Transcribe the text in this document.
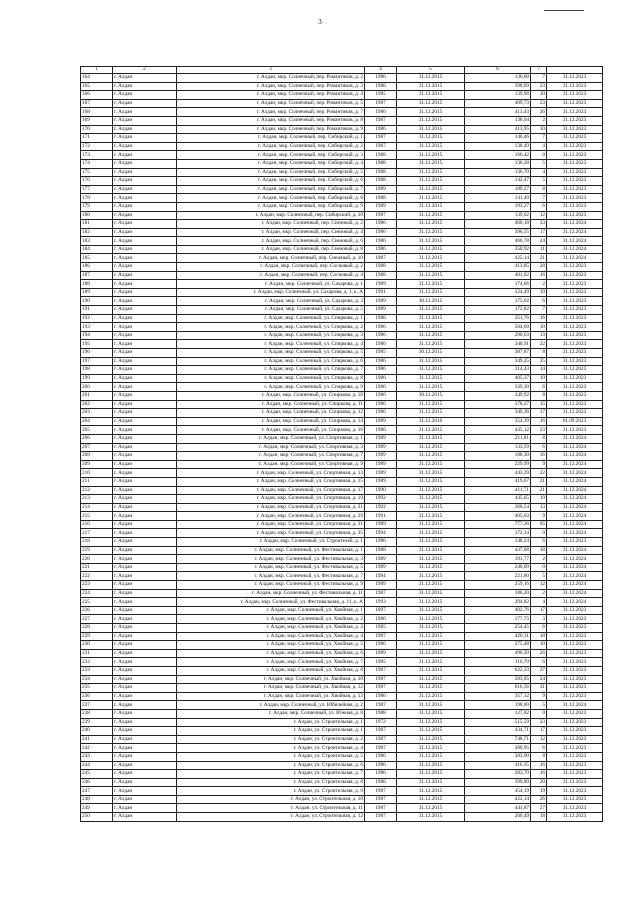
3
1	2	3	4	5	6	7	
164	г. Алдан	г. Алдан, мкр. Солнечный, пер. Романтиков, д. 2	1986	31.12.2015	136,60	7	31.12.2023
165	г. Алдан	г. Алдан, мкр. Солнечный, пер. Романтиков, д. 3	1986	31.12.2015	398,69	23	31.12.2023
166	г. Алдан	г. Алдан, мкр. Солнечный, пер. Романтиков, д. 4	1985	31.12.2015	139,98	10	31.12.2023
167	г. Алдан	г. Алдан, мкр. Солнечный, пер. Романтиков, д. 5	1987	31.12.2015	409,73	23	31.12.2023
168	г. Алдан	г. Алдан, мкр. Солнечный, пер. Романтиков, д. 7	1986	31.12.2015	413,43	26	31.12.2023
169	г. Алдан	г. Алдан, мкр. Солнечный, пер. Романтиков, д. 8	1987	31.12.2015	138,04	2	31.12.2023
170	г. Алдан	г. Алдан, мкр. Солнечный, пер. Романтиков, д. 9	1986	31.12.2015	413,95	10	31.12.2023
171	г. Алдан	г. Алдан, мкр. Солнечный, пер. Сибирский, д. 1	1987	31.12.2015	146,46	7	31.12.2023
172	г. Алдан	г. Алдан, мкр. Солнечный, пер. Сибирский, д. 2	1987	31.12.2015	138,49	4	31.12.2023
173	г. Алдан	г. Алдан, мкр. Солнечный, пер. Сибирский, д. 3	1988	31.12.2015	166,42	0	31.12.2023
174	г. Алдан	г. Алдан, мкр. Солнечный, пер. Сибирский, д. 4	1988	31.12.2015	136,28	5	31.12.2023
175	г. Алдан	г. Алдан, мкр. Солнечный, пер. Сибирский, д. 5	1988	31.12.2015	136,70	4	31.12.2023
176	г. Алдан	г. Алдан, мкр. Солнечный, пер. Сибирский, д. 6	1988	31.12.2015	142,47	5	31.12.2023
177	г. Алдан	г. Алдан, мкр. Солнечный, пер. Сибирский, д. 7	1989	31.12.2015	189,27	8	31.12.2023
178	г. Алдан	г. Алдан, мкр. Солнечный, пер. Сибирский, д. 8	1988	31.12.2015	141,49	7	31.12.2023
179	г. Алдан	г. Алдан, мкр. Солнечный, пер. Сибирский, д. 9	1989	31.12.2015	193,27	6	31.12.2023
180	г. Алдан	г. Алдан, мкр. Солнечный, пер. Сибирский, д. 10	1987	31.12.2015	139,02	12	31.12.2023
181	г. Алдан	г. Алдан, мкр. Солнечный, пер. Снежный, д. 2	1986	31.12.2015	460,18	33	31.12.2024
182	г. Алдан	г. Алдан, мкр. Солнечный, пер. Снежный, д. 4	1986	31.12.2015	396,55	17	31.12.2024
183	г. Алдан	г. Алдан, мкр. Солнечный, пер. Снежный, д. 6	1986	31.12.2015	466,78	24	31.12.2024
184	г. Алдан	г. Алдан, мкр. Солнечный, пер. Снежный, д. 8	1986	31.12.2015	350,92	11	31.12.2024
185	г. Алдан	г. Алдан, мкр. Солнечный, пер. Снежный, д. 10	1987	31.12.2015	425,14	21	31.12.2024
186	г. Алдан	г. Алдан, мкр. Солнечный, пер. Сосновый, д. 2	1988	31.12.2015	413,85	28	31.12.2023
187	г. Алдан	г. Алдан, мкр. Солнечный, пер. Сосновый, д. 4	1988	31.12.2015	401,02	16	31.12.2023
188	г. Алдан	г. Алдан, мкр. Солнечный, ул. Сахарова, д. 1	1989	31.12.2015	174,66	2	31.12.2023
189	г. Алдан	г. Алдан, мкр. Солнечный, ул. Сахарова, д. 1, к. А	1991	31.12.2015	324,49	19	31.12.2023
190	г. Алдан	г. Алдан, мкр. Солнечный, ул. Сахарова, д. 3	1989	30.12.2015	175,62	6	31.12.2023
191	г. Алдан	г. Алдан, мкр. Солнечный, ул. Сахарова, д. 5	1989	31.12.2015	172,82	7	31.12.2023
192	г. Алдан	г. Алдан, мкр. Солнечный, ул. Спиркова, д. 1	1986	31.12.2015	351,76	16	31.12.2023
193	г. Алдан	г. Алдан, мкр. Солнечный, ул. Спиркова, д. 2	1986	31.12.2015	504,60	10	31.12.2023
194	г. Алдан	г. Алдан, мкр. Солнечный, ул. Спиркова, д. 3	1986	31.12.2015	290,63	13	31.12.2023
195	г. Алдан	г. Алдан, мкр. Солнечный, ул. Спиркова, д. 4	1986	31.12.2015	340,91	22	31.12.2023
196	г. Алдан	г. Алдан, мкр. Солнечный, ул. Спиркова, д. 5	1985	30.12.2015	387,87	8	31.12.2023
197	г. Алдан	г. Алдан, мкр. Солнечный, ул. Спиркова, д. 6	1986	31.12.2015	349,25	25	31.12.2023
198	г. Алдан	г. Алдан, мкр. Солнечный, ул. Спиркова, д. 7	1986	31.12.2015	314,43	14	31.12.2023
199	г. Алдан	г. Алдан, мкр. Солнечный, ул. Спиркова, д. 8	1986	31.12.2015	405,37	19	31.12.2023
200	г. Алдан	г. Алдан, мкр. Солнечный, ул. Спиркова, д. 9	1986	31.12.2015	339,30	6	31.12.2023
201	г. Алдан	г. Алдан, мкр. Солнечный, ул. Спиркова, д. 10	1986	30.12.2015	349,92	8	31.12.2023
202	г. Алдан	г. Алдан, мкр. Солнечный, ул. Спиркова, д. 11	1986	31.12.2015	378,27	15	31.12.2023
203	г. Алдан	г. Алдан, мкр. Солнечный, ул. Спиркова, д. 12	1986	31.12.2015	349,36	17	31.12.2023
204	г. Алдан	г. Алдан, мкр. Солнечный, ул. Спиркова, д. 14	1989	31.12.2016	354,39	16	01.09.2023
205	г. Алдан	г. Алдан, мкр. Солнечный, ул. Спиркова, д. 16	1986	31.12.2015	435,12	23	31.12.2023
206	г. Алдан	г. Алдан, мкр. Солнечный, ул. Спортивная, д. 1	1989	31.12.2015	211,81	8	31.12.2024
207	г. Алдан	г. Алдан, мкр. Солнечный, ул. Спортивная, д. 3	1989	31.12.2015	133,59	6	31.12.2024
208	г. Алдан	г. Алдан, мкр. Солнечный, ул. Спортивная, д. 7	1989	31.12.2015	188,30	16	31.12.2024
209	г. Алдан	г. Алдан, мкр. Солнечный, ул. Спортивная, д. 9	1989	31.12.2015	229,99	9	31.12.2024
210	г. Алдан	г. Алдан, мкр. Солнечный, ул. Спортивная, д. 13	1989	31.12.2015	443,39	22	31.12.2024
211	г. Алдан	г. Алдан, мкр. Солнечный, ул. Спортивная, д. 15	1989	31.12.2015	419,67	21	31.12.2024
212	г. Алдан	г. Алдан, мкр. Солнечный, ул. Спортивная, д. 17	1990	31.12.2015	411,71	21	31.12.2024
213	г. Алдан	г. Алдан, мкр. Солнечный, ул. Спортивная, д. 19	1992	31.12.2015	445,65	19	31.12.2024
214	г. Алдан	г. Алдан, мкр. Солнечный, ул. Спортивная, д. 21	1992	31.12.2015	368,54	13	31.12.2024
215	г. Алдан	г. Алдан, мкр. Солнечный, ул. Спортивная, д. 29	1991	31.12.2015	405,63	9	31.12.2024
216	г. Алдан	г. Алдан, мкр. Солнечный, ул. Спортивная, д. 31	1989	31.12.2015	777,36	65	31.12.2024
217	г. Алдан	г. Алдан, мкр. Солнечный, ул. Спортивная, д. 35	1994	31.12.2015	172,34	0	31.12.2024
218	г. Алдан	г. Алдан, мкр. Солнечный, ул. Строителей, д. 1	1986	31.12.2015	148,24	6	31.12.2023
219	г. Алдан	г. Алдан, мкр. Солнечный, ул. Фестивальная, д. 1	1988	31.12.2015	437,68	18	31.12.2024
220	г. Алдан	г. Алдан, мкр. Солнечный, ул. Фестивальная, д. 3	1989	31.12.2015	191,77	2	31.12.2024
221	г. Алдан	г. Алдан, мкр. Солнечный, ул. Фестивальная, д. 5	1989	31.12.2015	240,09	0	31.12.2024
222	г. Алдан	г. Алдан, мкр. Солнечный, ул. Фестивальная, д. 7	1994	31.12.2015	221,80	5	31.12.2024
223	г. Алдан	г. Алдан, мкр. Солнечный, ул. Фестивальная, д. 9	1989	31.12.2015	259,16	12	31.12.2024
224	г. Алдан	г. Алдан, мкр. Солнечный, ул. Фестивальная, д. 11	1987	31.12.2015	186,20	2	31.12.2024
225	г. Алдан	г. Алдан, мкр. Солнечный, ул. Фестивальная, д. 11, к. А	1993	31.12.2015	294,82	4	31.12.2024
226	г. Алдан	г. Алдан, мкр. Солнечный, ул. Хвойная, д. 1	1997	31.12.2015	402,76	17	31.12.2023
227	г. Алдан	г. Алдан, мкр. Солнечный, ул. Хвойная, д. 2	1986	31.12.2015	177,75	3	31.12.2023
228	г. Алдан	г. Алдан, мкр. Солнечный, ул. Хвойная, д. 3	1985	31.12.2015	254,45	6	31.12.2023
229	г. Алдан	г. Алдан, мкр. Солнечный, ул. Хвойная, д. 4	1987	31.12.2015	420,31	18	31.12.2023
230	г. Алдан	г. Алдан, мкр. Солнечный, ул. Хвойная, д. 5	1986	31.12.2015	275,48	10	31.12.2023
231	г. Алдан	г. Алдан, мкр. Солнечный, ул. Хвойная, д. 6	1989	31.12.2015	496,50	26	31.12.2023
232	г. Алдан	г. Алдан, мкр. Солнечный, ул. Хвойная, д. 7	1985	31.12.2015	116,70	6	31.12.2023
233	г. Алдан	г. Алдан, мкр. Солнечный, ул. Хвойная, д. 8	1987	31.12.2015	622,33	27	31.12.2023
234	г. Алдан	г. Алдан, мкр. Солнечный, ул. Хвойная, д. 10	1987	31.12.2015	583,05	24	31.12.2023
235	г. Алдан	г. Алдан, мкр. Солнечный, ул. Хвойная, д. 12	1987	31.12.2015	616,56	31	31.12.2023
236	г. Алдан	г. Алдан, мкр. Солнечный, ул. Хвойная, д. 13	1986	31.12.2015	357,12	9	31.12.2023
237	г. Алдан	г. Алдан, мкр. Солнечный, ул. Юбилейная, д. 2	1987	31.12.2015	198,60	5	31.12.2024
238	г. Алдан	г. Алдан, мкр. Солнечный, ул. Южная, д. 8	1988	31.12.2015	127,82	0	31.12.2023
239	г. Алдан	г. Алдан, ул. Строительная, д. 1	1972	31.12.2015	515,59	23	31.12.2023
240	г. Алдан	г. Алдан, ул. Строительная, д. 1	1987	31.12.2015	434,71	17	31.12.2023
241	г. Алдан	г. Алдан, ул. Строительная, д. 2	1987	31.12.2015	748,71	12	31.12.2023
242	г. Алдан	г. Алдан, ул. Строительная, д. 4	1987	31.12.2015	380,95	6	31.12.2023
243	г. Алдан	г. Алдан, ул. Строительная, д. 5	1986	31.12.2015	383,90	8	31.12.2023
244	г. Алдан	г. Алдан, ул. Строительная, д. 6	1986	31.12.2015	416,35	16	31.12.2023
245	г. Алдан	г. Алдан, ул. Строительная, д. 7	1986	31.12.2015	383,70	16	31.12.2023
246	г. Алдан	г. Алдан, ул. Строительная, д. 8	1986	31.12.2015	399,80	20	31.12.2023
247	г. Алдан	г. Алдан, ул. Строительная, д. 9	1987	31.12.2015	454,19	19	31.12.2023
248	г. Алдан	г. Алдан, ул. Строительная, д. 10	1987	31.12.2015	422,14	26	31.12.2023
249	г. Алдан	г. Алдан, ул. Строительная, д. 11	1987	31.12.2015	441,87	27	31.12.2023
250	г. Алдан	г. Алдан, ул. Строительная, д. 12	1987	31.12.2015	260,49	18	31.12.2023
